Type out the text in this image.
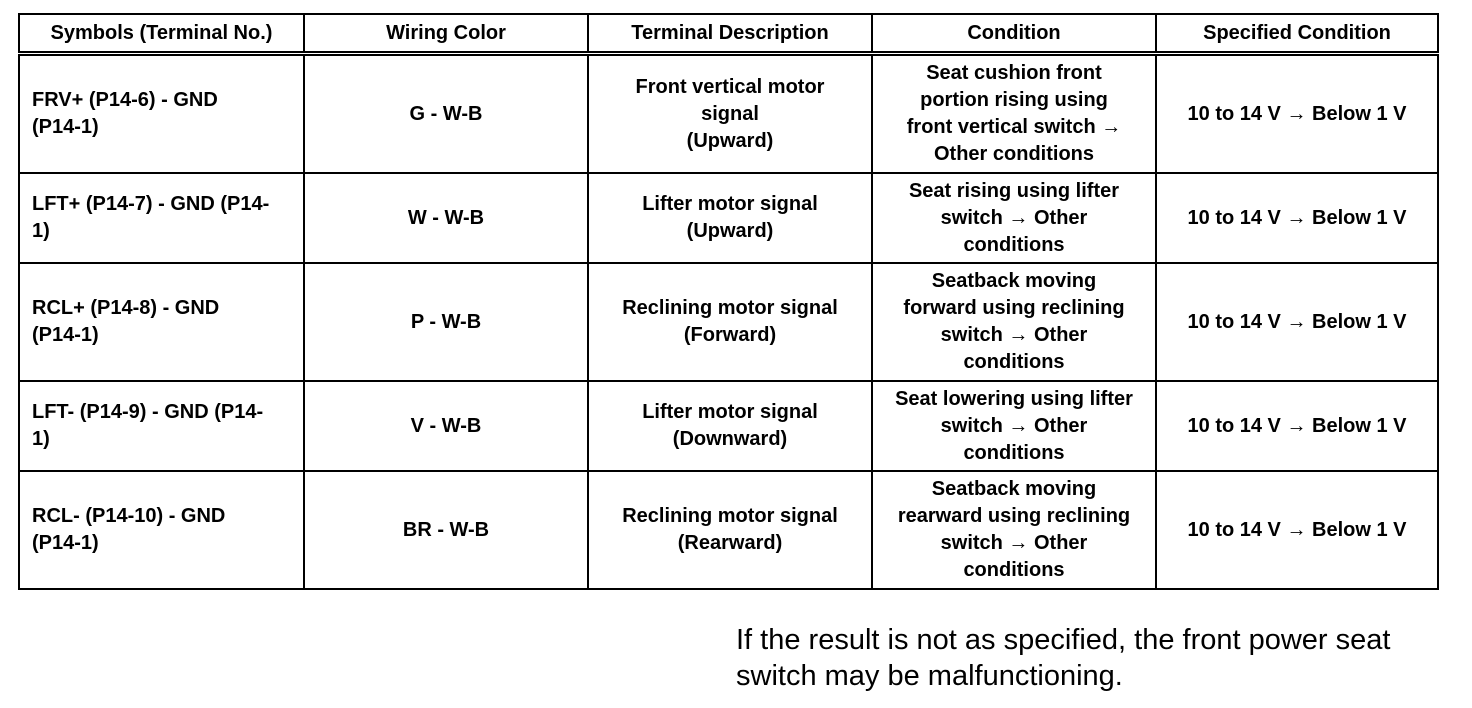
Symbols (Terminal No.)	Wiring Color	Terminal Description	Condition	Specified Condition

FRV+ (P14-6) - GND
(P14-1)	G - W-B	Front vertical motor
signal
(Upward)	Seat cushion front
portion rising using
front vertical switch →
Other conditions	10 to 14 V → Below 1 V

LFT+ (P14-7) - GND (P14-
1)	W - W-B	Lifter motor signal
(Upward)	Seat rising using lifter
switch → Other
conditions	10 to 14 V → Below 1 V

RCL+ (P14-8) - GND
(P14-1)	P - W-B	Reclining motor signal
(Forward)	Seatback moving
forward using reclining
switch → Other
conditions	10 to 14 V → Below 1 V

LFT- (P14-9) - GND (P14-
1)	V - W-B	Lifter motor signal
(Downward)	Seat lowering using lifter
switch → Other
conditions	10 to 14 V → Below 1 V

RCL- (P14-10) - GND
(P14-1)	BR - W-B	Reclining motor signal
(Rearward)	Seatback moving
rearward using reclining
switch → Other
conditions	10 to 14 V → Below 1 V
If the result is not as specified, the front power seat
switch may be malfunctioning.
